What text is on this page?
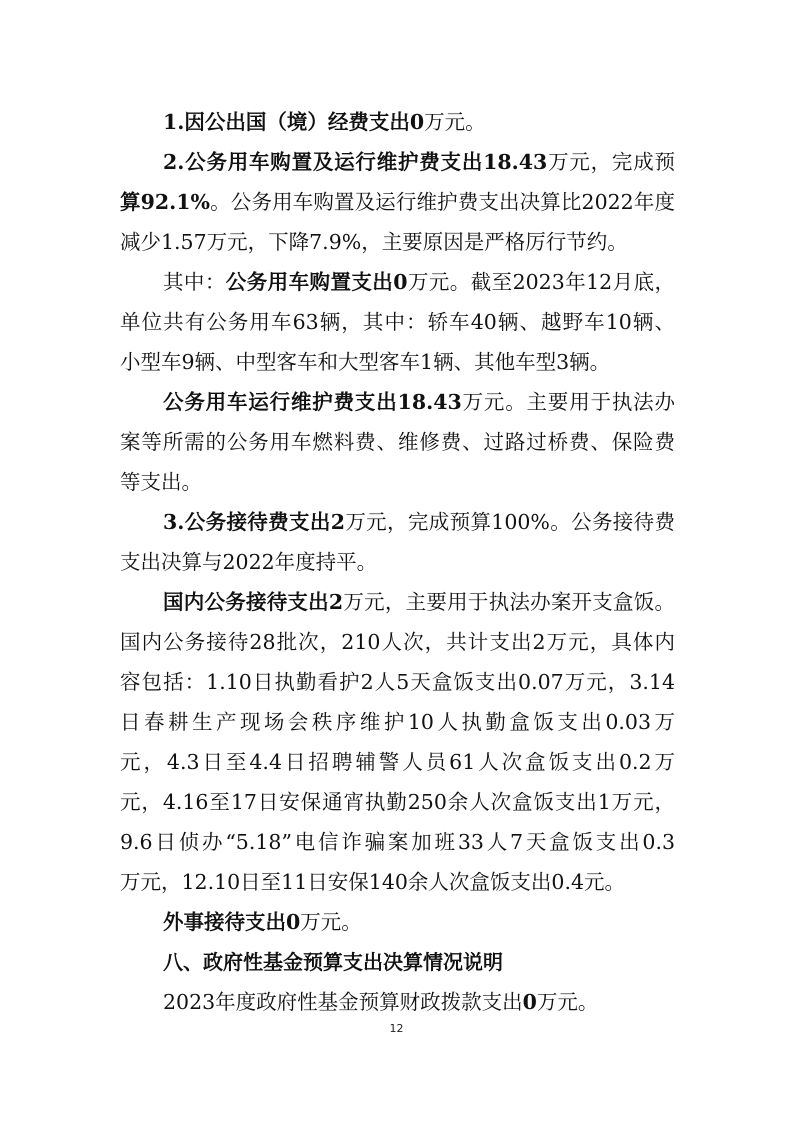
1.因公出国（境）经费支出0万元。
2.公务用车购置及运行维护费支出18.43万元，完成预
算92.1%。公务用车购置及运行维护费支出决算比2022年度
减少1.57万元，下降7.9%，主要原因是严格厉行节约。
其中：公务用车购置支出0万元。截至2023年12月底，
单位共有公务用车63辆，其中：轿车40辆、越野车10辆、
小型车9辆、中型客车和大型客车1辆、其他车型3辆。
公务用车运行维护费支出18.43万元。主要用于执法办
案等所需的公务用车燃料费、维修费、过路过桥费、保险费
等支出。
3.公务接待费支出2万元，完成预算100%。公务接待费
支出决算与2022年度持平。
国内公务接待支出2万元，主要用于执法办案开支盒饭。
国内公务接待28批次，210人次，共计支出2万元，具体内
容包括：1.10日执勤看护2人5天盒饭支出0.07万元，3.14
日春耕生产现场会秩序维护10人执勤盒饭支出0.03万
元，4.3日至4.4日招聘辅警人员61人次盒饭支出0.2万
元，4.16至17日安保通宵执勤250余人次盒饭支出1万元，
9.6日侦办“5.18”电信诈骗案加班33人7天盒饭支出0.3
万元，12.10日至11日安保140余人次盒饭支出0.4元。
外事接待支出0万元。
八、政府性基金预算支出决算情况说明
2023年度政府性基金预算财政拨款支出0万元。
12
